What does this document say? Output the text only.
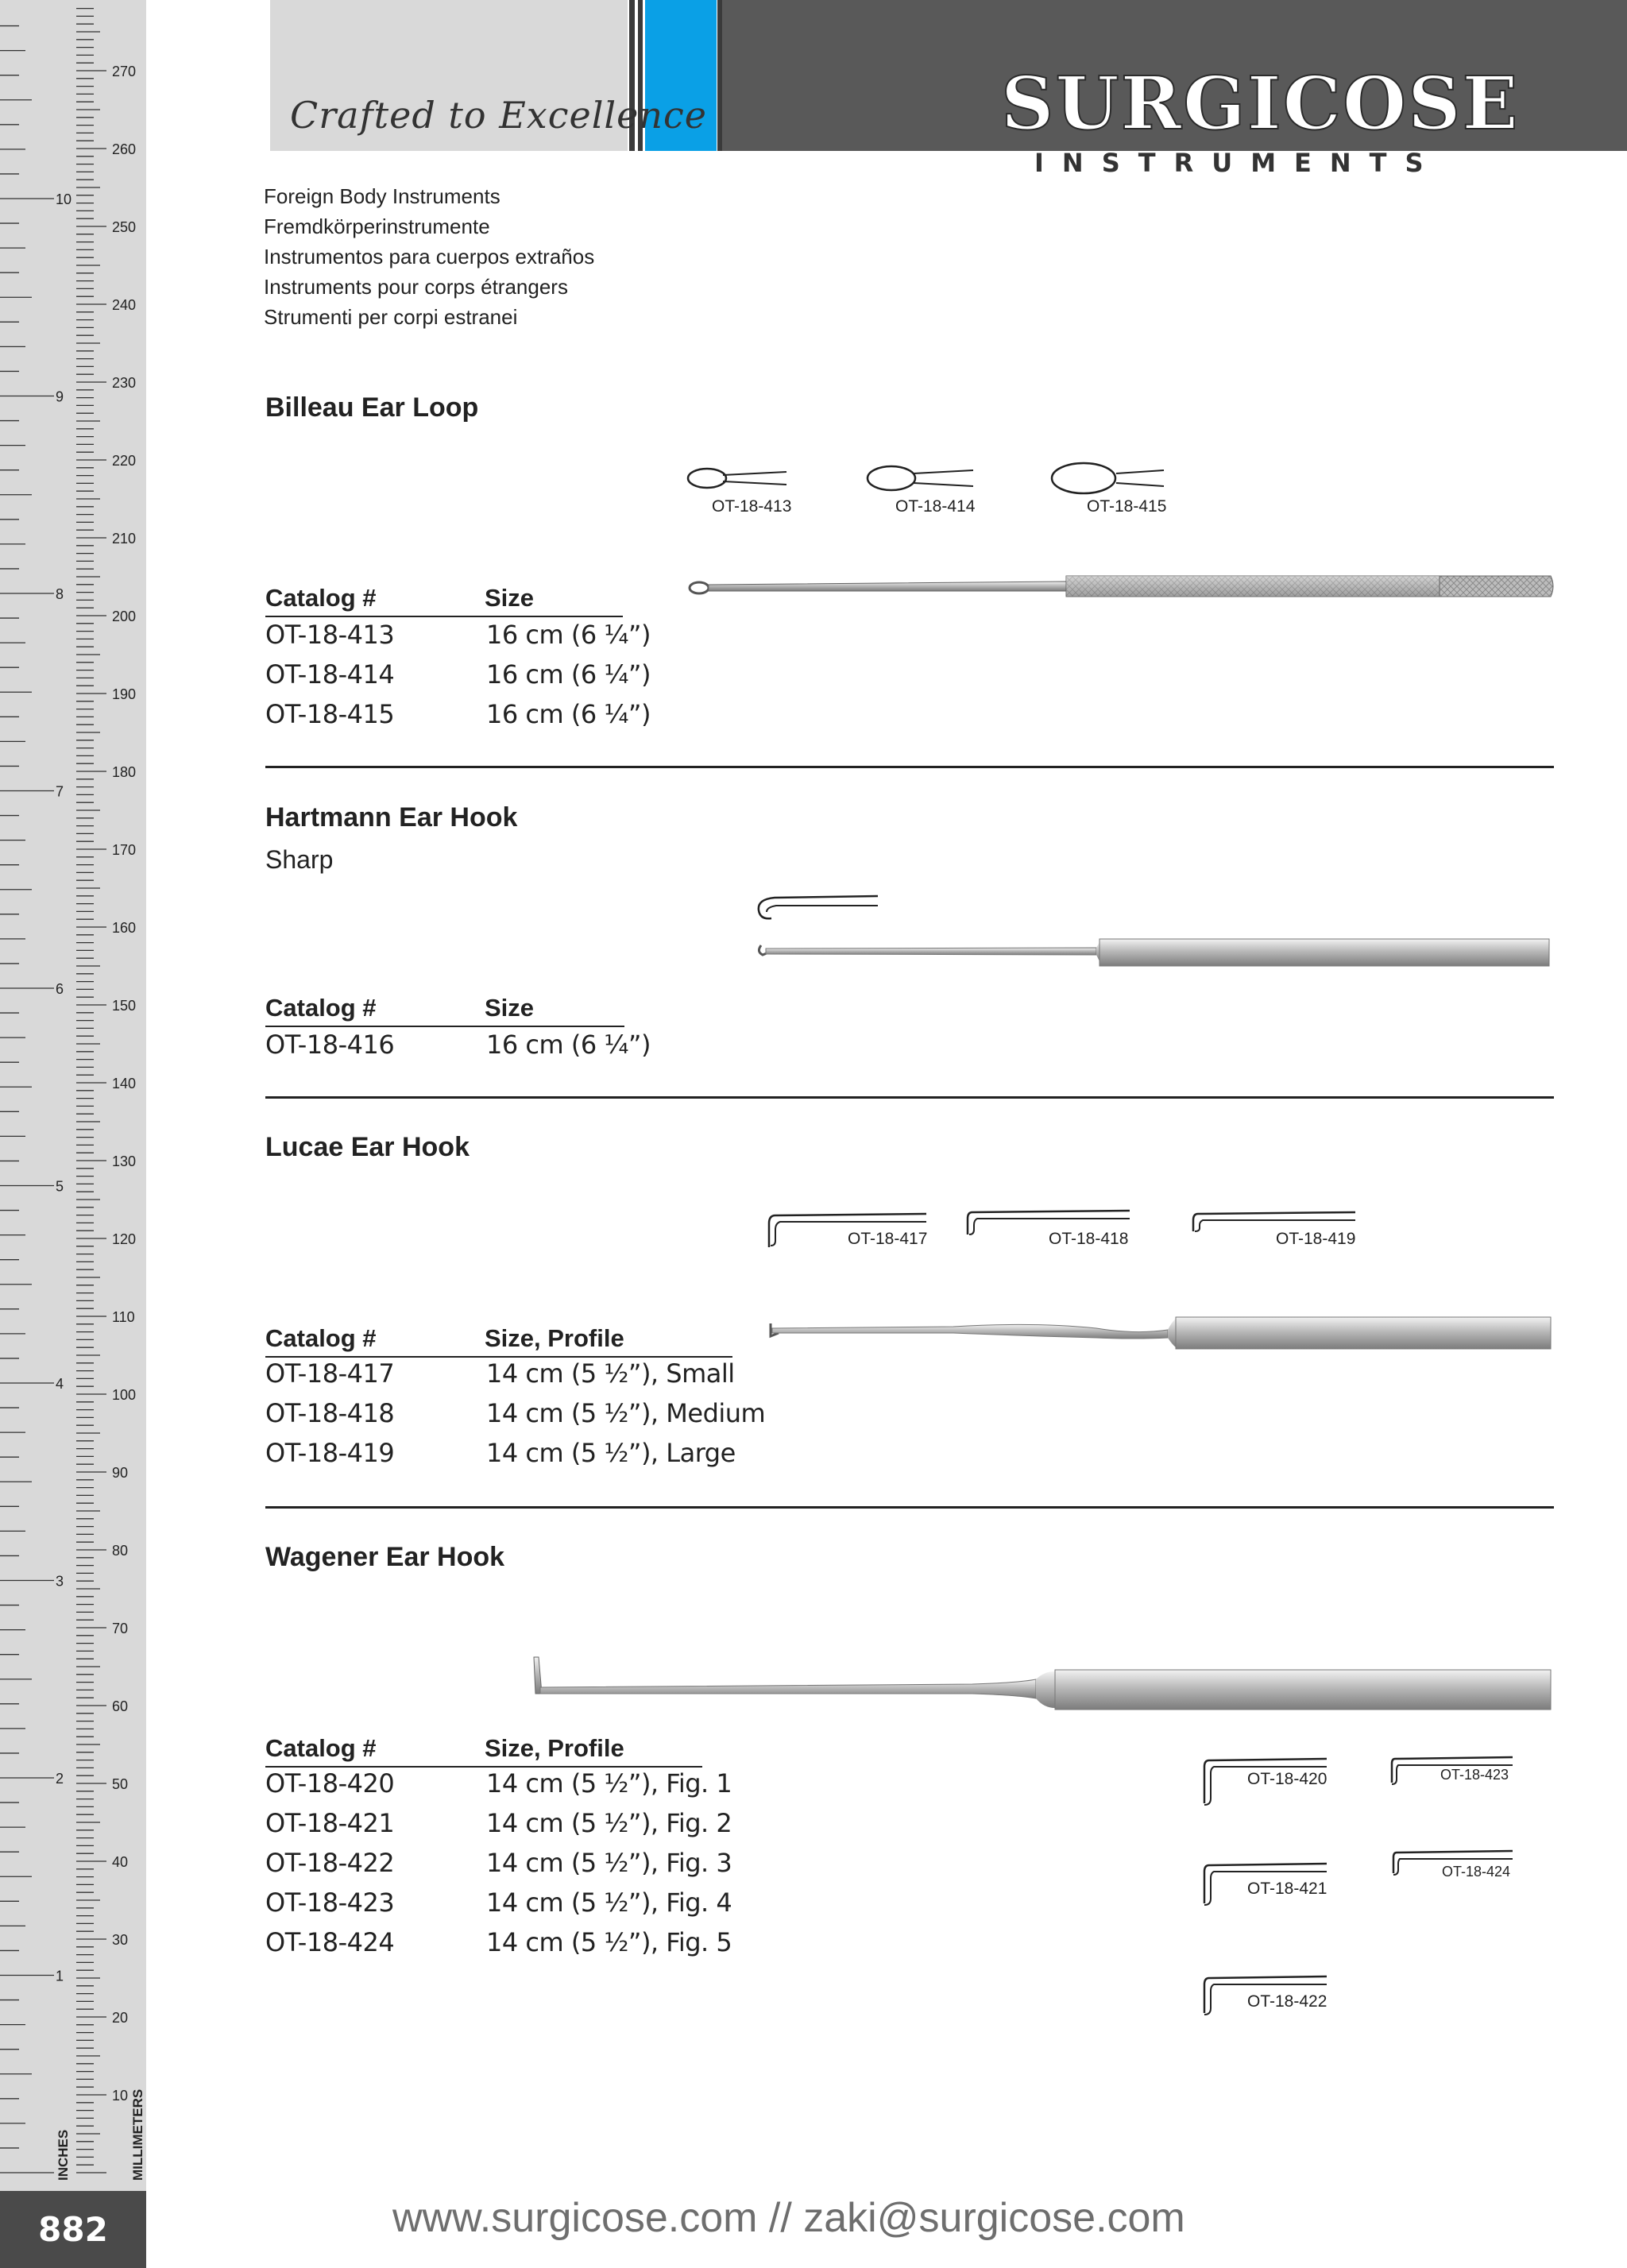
270
260
250
240
230
220
210
200
190
180
170
160
150
140
130
120
110
100
90
80
70
60
50
40
30
20
10
10
9
8
7
6
5
4
3
2
1
INCHES	MILLIMETERS
882
Crafted to Excellence	SURGICOSE
INSTRUMENTS
Foreign Body Instruments
Fremdkörperinstrumente
Instrumentos para cuerpos extraños
Instruments pour corps étrangers
Strumenti per corpi estranei
Billeau Ear Loop
OT-18-413	OT-18-414	OT-18-415
Catalog #	Size
OT-18-413	16 cm (6 ¼”)
OT-18-414	16 cm (6 ¼”)
OT-18-415	16 cm (6 ¼”)
Hartmann Ear Hook
Sharp
Catalog #	Size
OT-18-416	16 cm (6 ¼”)
Lucae Ear Hook
OT-18-417	OT-18-418	OT-18-419
Catalog #	Size, Profile
OT-18-417	14 cm (5 ½”), Small
OT-18-418	14 cm (5 ½”), Medium
OT-18-419	14 cm (5 ½”), Large
Wagener Ear Hook
Catalog #	Size, Profile
OT-18-420	14 cm (5 ½”), Fig. 1
OT-18-421	14 cm (5 ½”), Fig. 2
OT-18-422	14 cm (5 ½”), Fig. 3
OT-18-423	14 cm (5 ½”), Fig. 4
OT-18-424	14 cm (5 ½”), Fig. 5
OT-18-420
OT-18-421
OT-18-422
OT-18-423
OT-18-424
www.surgicose.com // zaki@surgicose.com
